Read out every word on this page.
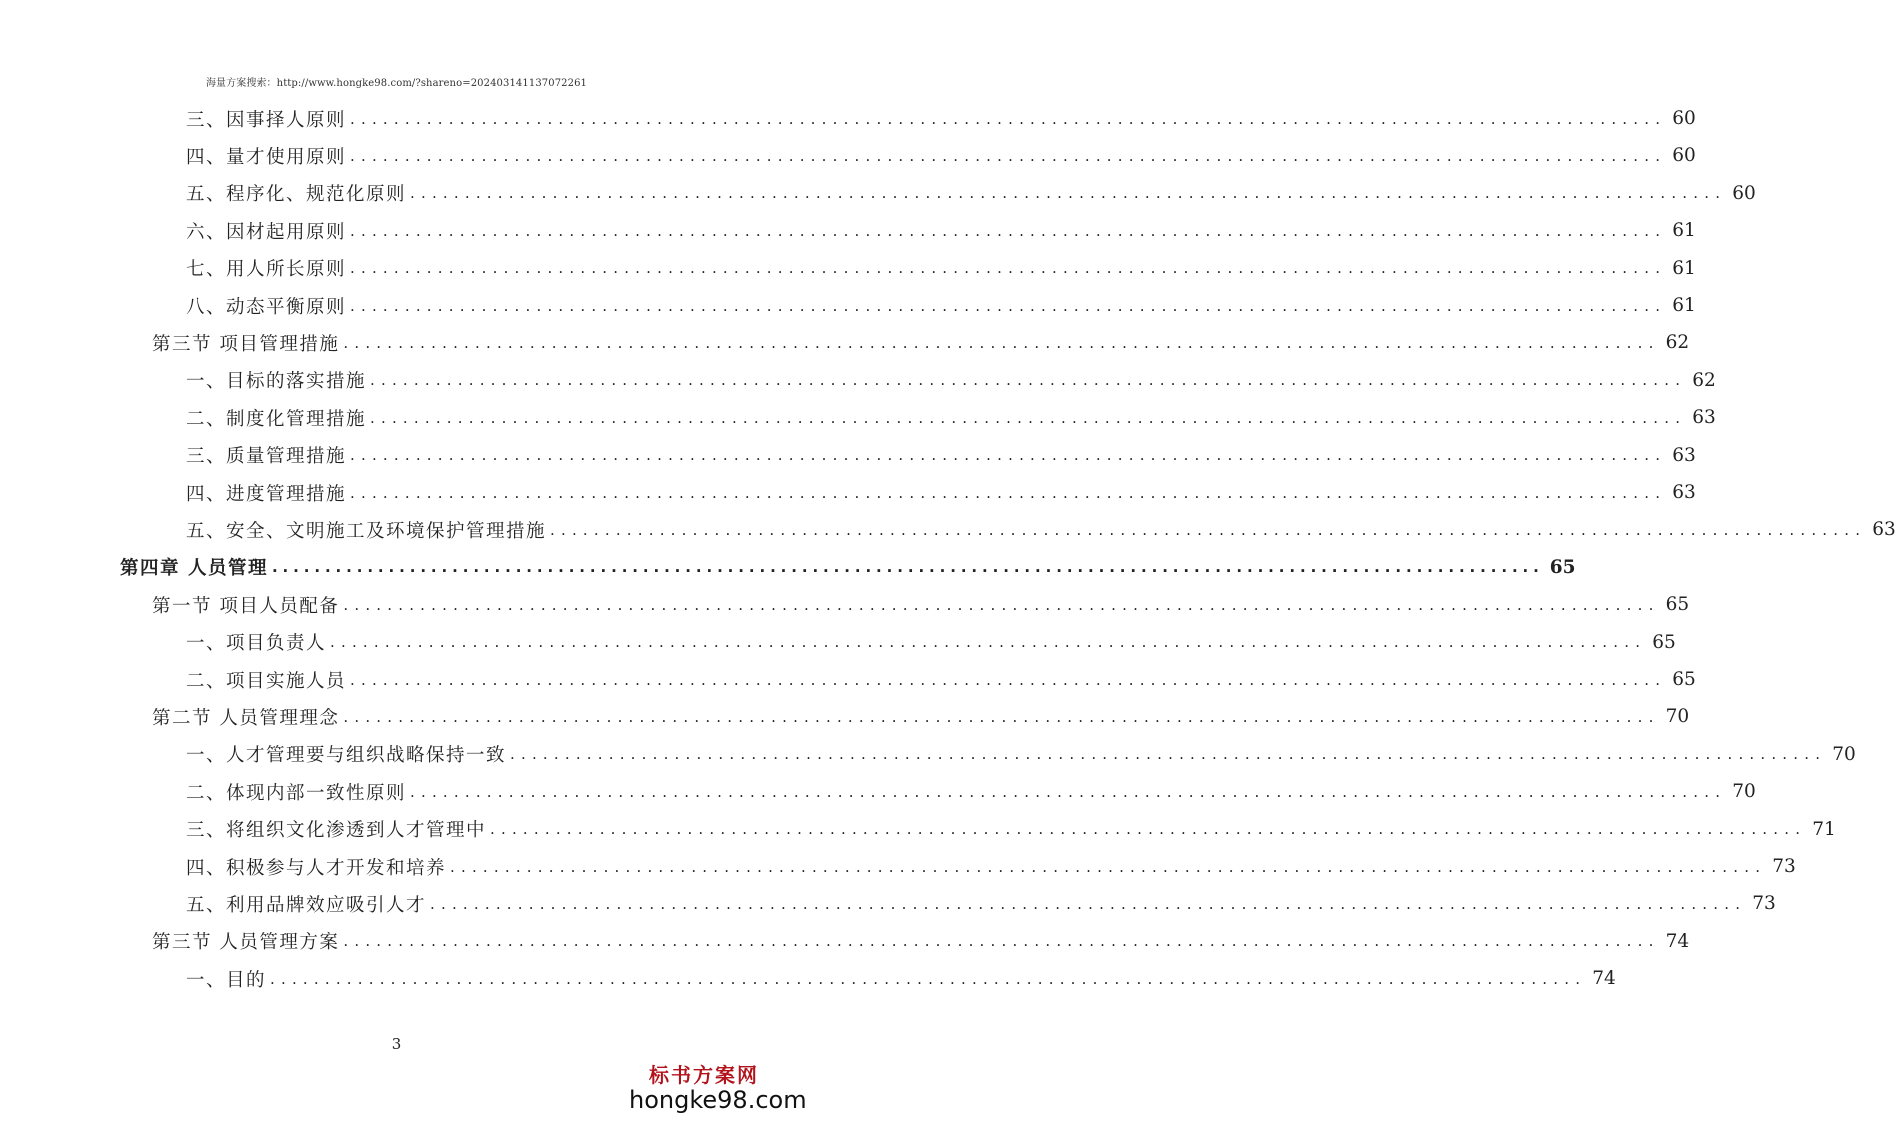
海量方案搜索：http://www.hongke98.com/?shareno=202403141137072261
三、因事择人原则 ........................................................................................................................ 60
四、量才使用原则 ........................................................................................................................ 60
五、程序化、规范化原则 ........................................................................................................................ 60
六、因材起用原则 ........................................................................................................................ 61
七、用人所长原则 ........................................................................................................................ 61
八、动态平衡原则 ........................................................................................................................ 61
第三节 项目管理措施 ........................................................................................................................ 62
一、目标的落实措施 ........................................................................................................................ 62
二、制度化管理措施 ........................................................................................................................ 63
三、质量管理措施 ........................................................................................................................ 63
四、进度管理措施 ........................................................................................................................ 63
五、安全、文明施工及环境保护管理措施 ........................................................................................................................ 63
第四章 人员管理 ........................................................................................................................ 65
第一节 项目人员配备 ........................................................................................................................ 65
一、项目负责人 ........................................................................................................................ 65
二、项目实施人员 ........................................................................................................................ 65
第二节 人员管理理念 ........................................................................................................................ 70
一、人才管理要与组织战略保持一致 ........................................................................................................................ 70
二、体现内部一致性原则 ........................................................................................................................ 70
三、将组织文化渗透到人才管理中 ........................................................................................................................ 71
四、积极参与人才开发和培养 ........................................................................................................................ 73
五、利用品牌效应吸引人才 ........................................................................................................................ 73
第三节 人员管理方案 ........................................................................................................................ 74
一、目的 ........................................................................................................................ 74
3
标书方案网
hongke98.com
